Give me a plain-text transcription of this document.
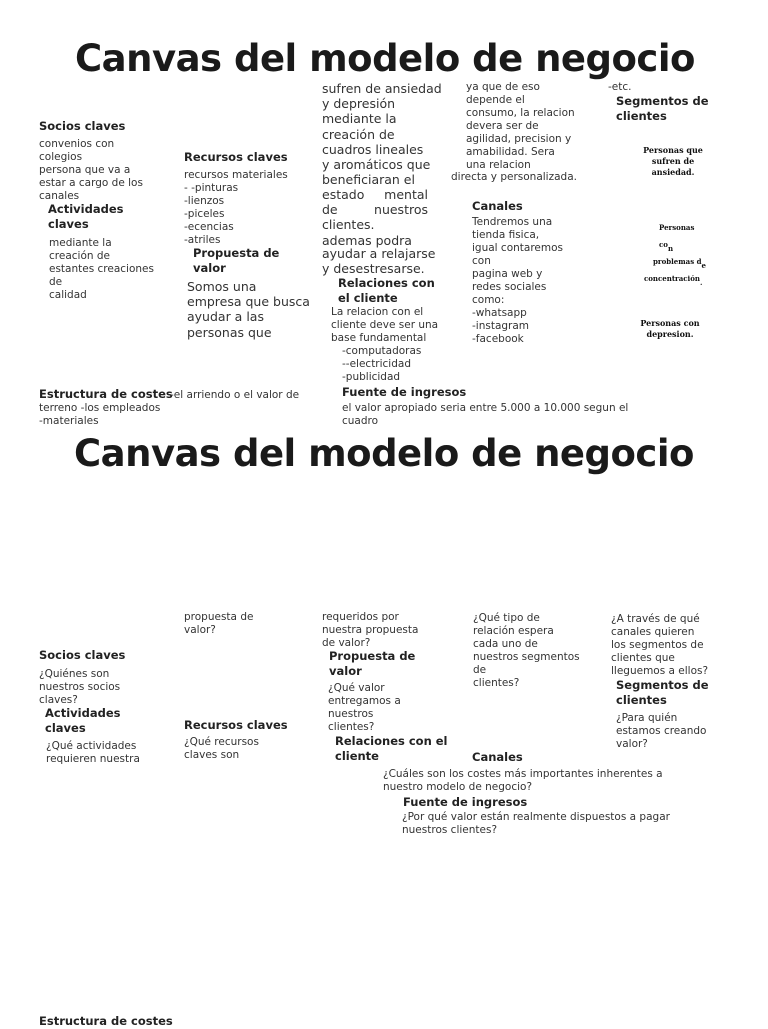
Canvas del modelo de negocio
Socios claves
convenios con
colegios
persona que va a
estar a cargo de los
canales
Actividades
claves
mediante la
creación de
estantes creaciones
de
calidad
Recursos claves
recursos materiales
- -pinturas
-lienzos
-piceles
-ecencias
-atriles
Propuesta de
valor
Somos una
empresa que busca
ayudar a las
personas que
sufren de ansiedad
y depresión
mediante la
creación de
cuadros lineales
y aromáticos que
beneficiaran el
estado mental de nuestros clientes. ademas podra
ayudar a relajarse
y desestresarse.
Relaciones con
el cliente
La relacion con el
cliente deve ser una
base fundamental
-computadoras
--electricidad
-publicidad
ya que de eso
depende el
consumo, la relacion
devera ser de
agilidad, precision y
amabilidad. Sera
una relacion
directa y personalizada.
Canales
Tendremos una
tienda fisica,
igual contaremos
con
pagina web y
redes sociales
como:
-whatsapp
-instagram
-facebook
-etc.
Segmentos de
clientes
Personas que
sufren de
ansiedad.
Personas con
problemas de
concentración.
Personas con
depresion.
Estructura de costes
-el arriendo o el valor de
terreno -los empleados
-materiales
Fuente de ingresos
el valor apropiado seria entre 5.000 a 10.000 segun el
cuadro
Canvas del modelo de negocio
propuesta de
valor?
requeridos por
nuestra propuesta
de valor?
¿Qué tipo de
relación espera
cada uno de
nuestros segmentos
de
clientes?
¿A través de qué
canales quieren
los segmentos de
clientes que
lleguemos a ellos?
Socios claves
¿Quiénes son
nuestros socios
claves?
Actividades
claves
¿Qué actividades
requieren nuestra
Recursos claves
¿Qué recursos
claves son
Propuesta de
valor
¿Qué valor
entregamos a
nuestros
clientes?
Relaciones con el
cliente	Canales
Segmentos de
clientes
¿Para quién
estamos creando
valor?
¿Cuáles son los costes más importantes inherentes a
nuestro modelo de negocio?
Fuente de ingresos
¿Por qué valor están realmente dispuestos a pagar
nuestros clientes?
Estructura de costes
